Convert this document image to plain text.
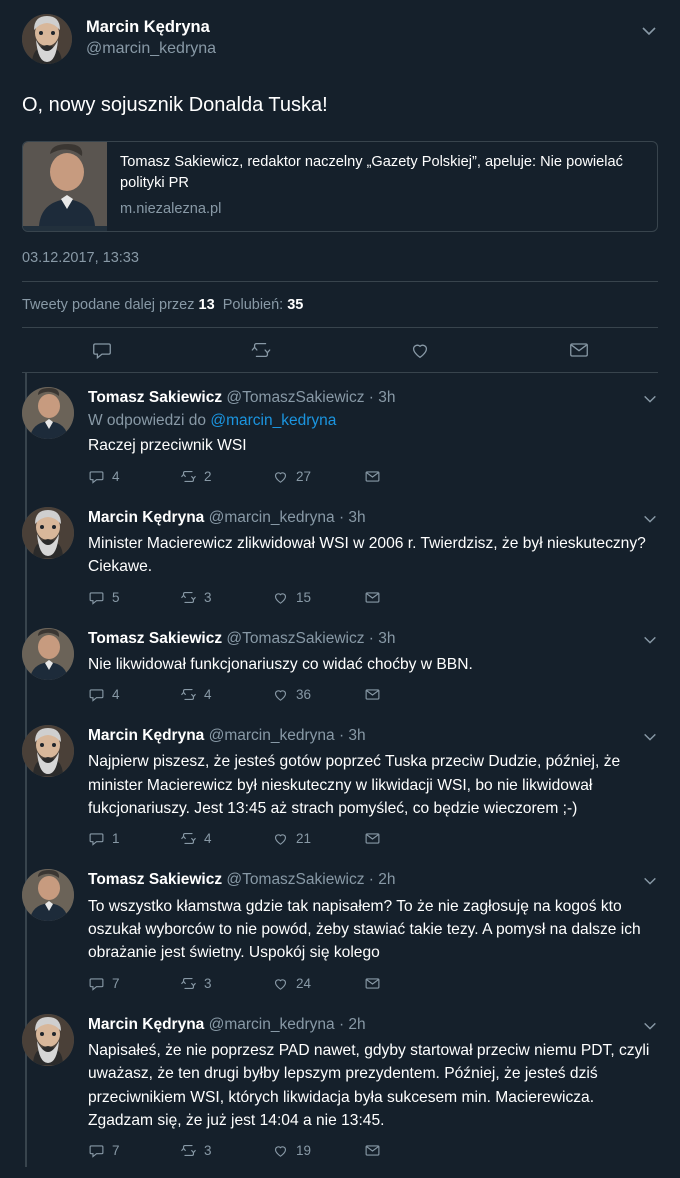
Marcin Kędryna
@marcin_kedryna
O, nowy sojusznik Donalda Tuska!
Tomasz Sakiewicz, redaktor naczelny „Gazety Polskiej”, apeluje: Nie powielać polityki PR
m.niezalezna.pl
03.12.2017, 13:33
Tweety podane dalej przez 13 Polubień: 35
Tomasz Sakiewicz @TomaszSakiewicz · 3h
W odpowiedzi do @marcin_kedryna
Raczej przeciwnik WSI
4	2	27
Marcin Kędryna @marcin_kedryna · 3h
Minister Macierewicz zlikwidował WSI w 2006 r. Twierdzisz, że był nieskuteczny? Ciekawe.
5	3	15
Tomasz Sakiewicz @TomaszSakiewicz · 3h
Nie likwidował funkcjonariuszy co widać choćby w BBN.
4	4	36
Marcin Kędryna @marcin_kedryna · 3h
Najpierw piszesz, że jesteś gotów poprzeć Tuska przeciw Dudzie, później, że minister Macierewicz był nieskuteczny w likwidacji WSI, bo nie likwidował fukcjonariuszy. Jest 13:45 aż strach pomyśleć, co będzie wieczorem ;-)
1	4	21
Tomasz Sakiewicz @TomaszSakiewicz · 2h
To wszystko kłamstwa gdzie tak napisałem? To że nie zagłosuję na kogoś kto oszukał wyborców to nie powód, żeby stawiać takie tezy. A pomysł na dalsze ich obrażanie jest świetny. Uspokój się kolego
7	3	24
Marcin Kędryna @marcin_kedryna · 2h
Napisałeś, że nie poprzesz PAD nawet, gdyby startował przeciw niemu PDT, czyli uważasz, że ten drugi byłby lepszym prezydentem. Później, że jesteś dziś przeciwnikiem WSI, których likwidacja była sukcesem min. Macierewicza. Zgadzam się, że już jest 14:04 a nie 13:45.
7	3	19
